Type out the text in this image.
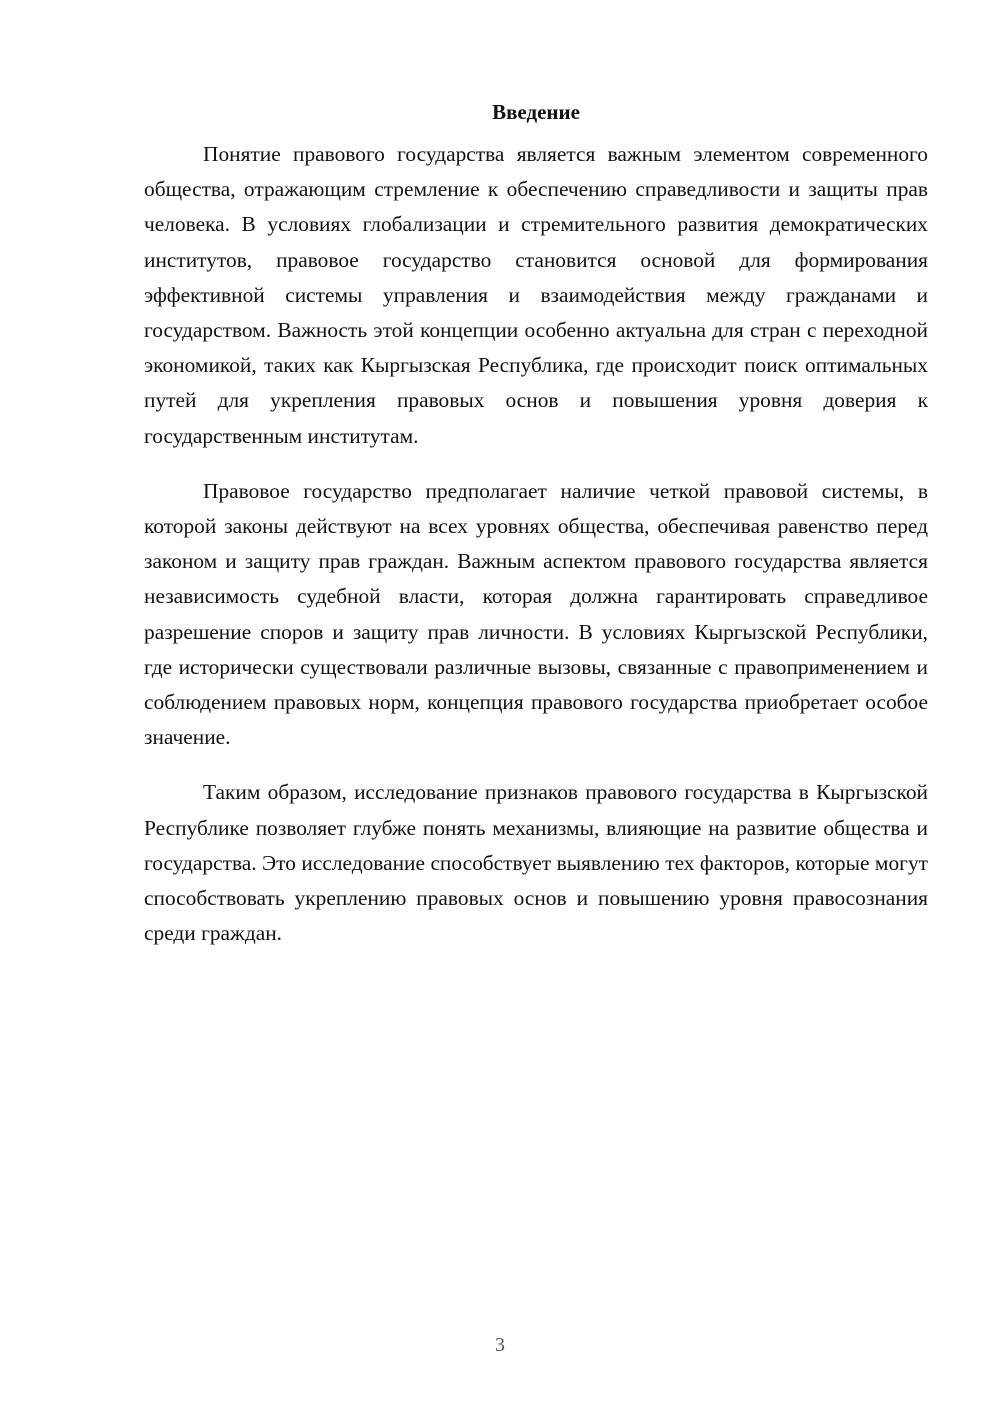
Введение

Понятие правового государства является важным элементом современного общества, отражающим стремление к обеспечению справедливости и защиты прав человека. В условиях глобализации и стремительного развития демократических институтов, правовое государство становится основой для формирования эффективной системы управления и взаимодействия между гражданами и государством. Важность этой концепции особенно актуальна для стран с переходной экономикой, таких как Кыргызская Республика, где происходит поиск оптимальных путей для укрепления правовых основ и повышения уровня доверия к государственным институтам.

Правовое государство предполагает наличие четкой правовой системы, в которой законы действуют на всех уровнях общества, обеспечивая равенство перед законом и защиту прав граждан. Важным аспектом правового государства является независимость судебной власти, которая должна гарантировать справедливое разрешение споров и защиту прав личности. В условиях Кыргызской Республики, где исторически существовали различные вызовы, связанные с правоприменением и соблюдением правовых норм, концепция правового государства приобретает особое значение.

Таким образом, исследование признаков правового государства в Кыргызской Республике позволяет глубже понять механизмы, влияющие на развитие общества и государства. Это исследование способствует выявлению тех факторов, которые могут способствовать укреплению правовых основ и повышению уровня правосознания среди граждан.

3
